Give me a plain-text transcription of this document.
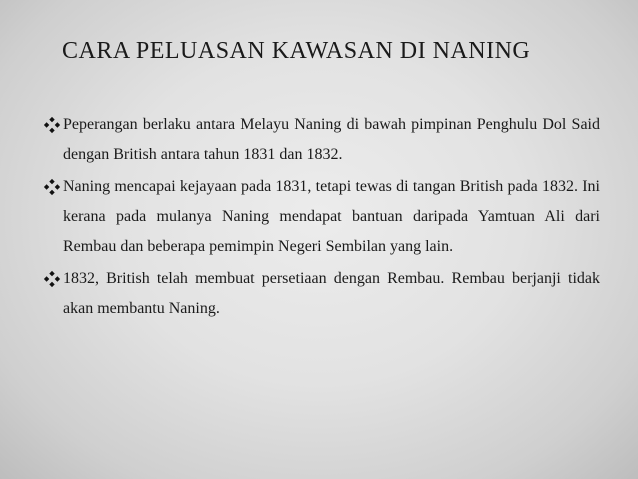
CARA PELUASAN KAWASAN DI NANING
Peperangan berlaku antara Melayu Naning di bawah pimpinan Penghulu Dol Said dengan British antara tahun 1831 dan 1832.
Naning mencapai kejayaan pada 1831, tetapi tewas di tangan British pada 1832. Ini kerana pada mulanya Naning mendapat bantuan daripada Yamtuan Ali dari Rembau dan beberapa pemimpin Negeri Sembilan yang lain.
1832, British telah membuat persetiaan dengan Rembau. Rembau berjanji tidak akan membantu Naning.
